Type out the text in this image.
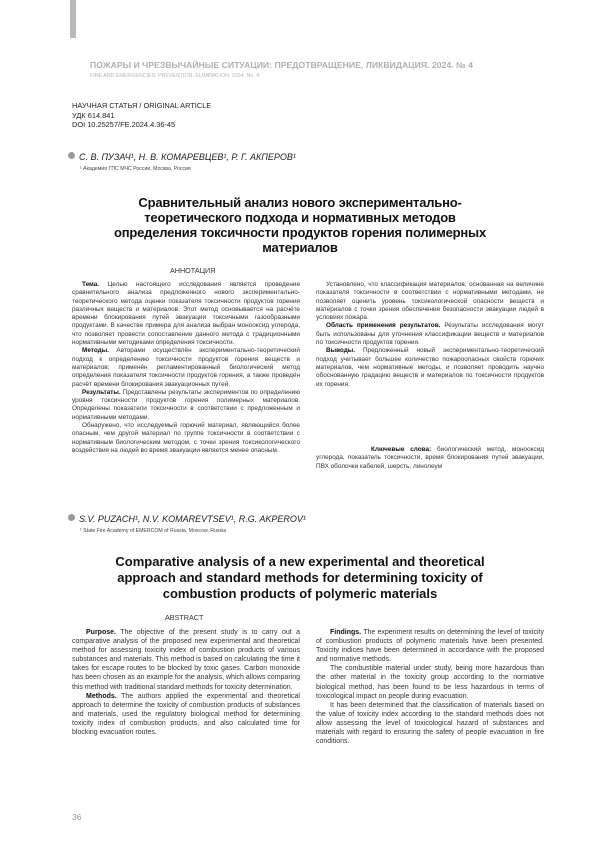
ПОЖАРЫ И ЧРЕЗВЫЧАЙНЫЕ СИТУАЦИИ: ПРЕДОТВРАЩЕНИЕ, ЛИКВИДАЦИЯ. 2024. № 4
FIRE AND EMERGENCIES: PREVENTION, ELIMINATION. 2024. No. 4
НАУЧНАЯ СТАТЬЯ / ORIGINAL ARTICLE
УДК 614.841
DOI 10.25257/FE.2024.4.36-45
С. В. ПУЗАЧ¹, Н. В. КОМАРЕВЦЕВ¹, Р. Г. АКПЕРОВ¹
¹ Академия ГПС МЧС России, Москва, Россия
Сравнительный анализ нового экспериментально-теоретического подхода и нормативных методов определения токсичности продуктов горения полимерных материалов
АННОТАЦИЯ

Тема. Целью настоящего исследования является проведение сравнительного анализа предложенного нового экспериментально-теоретического метода оценки показателя токсичности продуктов горения различных веществ и материалов. Этот метод основывается на расчёте времени блокирования путей эвакуации токсичными газообразными продуктами. В качестве примера для анализа выбран монооксид углерода, что позволяет провести сопоставление данного метода с традиционными нормативными методиками определения токсичности.

Методы. Авторами осуществлён экспериментально-теоретический подход к определению токсичности продуктов горения веществ и материалов; применён регламентированный биологический метод определения показателя токсичности продуктов горения, а также проведён расчёт времени блокирования эвакуационных путей.

Результаты. Представлены результаты экспериментов по определению уровня токсичности продуктов горения полимерных материалов. Определены показатели токсичности в соответствии с предложенным и нормативными методами.

Обнаружено, что исследуемый горючий материал, являющийся более опасным, чем другой материал по группе токсичности в соответствии с нормативным биологическим методом, с точки зрения токсикологического воздействия на людей во время эвакуации является менее опасным.

Установлено, что классификация материалов, основанная на величине показателя токсичности в соответствии с нормативными методами, не позволяет оценить уровень токсикологической опасности веществ и материалов с точки зрения обеспечения безопасности эвакуации людей в условиях пожара.

Область применения результатов. Результаты исследования могут быть использованы для уточнения классификации веществ и материалов по токсичности продуктов горения.

Выводы. Предложенный новый экспериментально-теоретический подход учитывает большее количество пожароопасных свойств горючих материалов, чем нормативные методы, и позволяет проводить научно обоснованную градацию веществ и материалов по токсичности продуктов их горения.

Ключевые слова: биологический метод, монооксид углерода, показатель токсичности, время блокирования путей эвакуации, ПВХ оболочки кабелей, шерсть, линолеум

S.V. PUZACH¹, N.V. KOMAREVTSEV¹, R.G. AKPEROV¹
¹ State Fire Academy of EMERCOM of Russia, Moscow, Russia
Comparative analysis of a new experimental and theoretical approach and standard methods for determining toxicity of combustion products of polymeric materials
ABSTRACT

Purpose. The objective of the present study is to carry out a comparative analysis of the proposed new experimental and theoretical method for assessing toxicity index of combustion products of various substances and materials. This method is based on calculating the time it takes for escape routes to be blocked by toxic gases. Carbon monoxide has been chosen as an example for the analysis, which allows comparing this method with traditional standard methods for toxicity determination.

Methods. The authors applied the experimental and theoretical approach to determine the toxicity of combustion products of substances and materials, used the regulatory biological method for determining toxicity index of combustion products, and also calculated time for blocking evacuation routes.

Findings. The experiment results on determining the level of toxicity of combustion products of polymeric materials have been presented. Toxicity indices have been determined in accordance with the proposed and normative methods.

The combustible material under study, being more hazardous than the other material in the toxicity group according to the normative biological method, has been found to be less hazardous in terms of toxicological impact on people during evacuation.

It has been determined that the classification of materials based on the value of toxicity index according to the standard methods does not allow assessing the level of toxicological hazard of substances and materials with regard to ensuring the safety of people evacuation in fire conditions.

36
